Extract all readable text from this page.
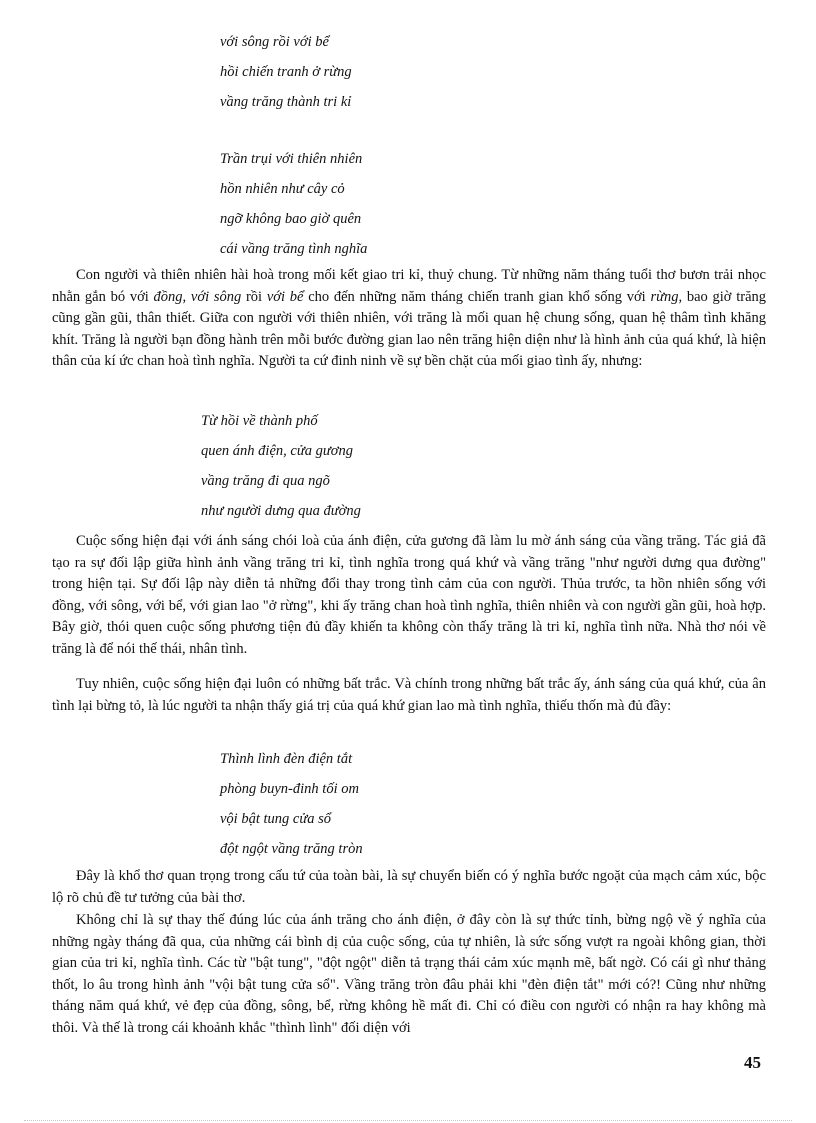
với sông rồi với bể
hồi chiến tranh ở rừng
vầng trăng thành tri kỉ
Trần trụi với thiên nhiên
hồn nhiên như cây cỏ
ngỡ không bao giờ quên
cái vầng trăng tình nghĩa

Con người và thiên nhiên hài hoà trong mối kết giao tri kỉ, thuỷ chung. Từ những năm tháng tuổi thơ bươn trải nhọc nhằn gắn bó với đồng, với sông rồi với bể cho đến những năm tháng chiến tranh gian khổ sống với rừng, bao giờ trăng cũng gần gũi, thân thiết. Giữa con người với thiên nhiên, với trăng là mối quan hệ chung sống, quan hệ thâm tình khăng khít. Trăng là người bạn đồng hành trên mỗi bước đường gian lao nên trăng hiện diện như là hình ảnh của quá khứ, là hiện thân của kí ức chan hoà tình nghĩa. Người ta cứ đinh ninh về sự bền chặt của mối giao tình ấy, nhưng:

Từ hồi về thành phố
quen ánh điện, cửa gương
vầng trăng đi qua ngõ
như người dưng qua đường

Cuộc sống hiện đại với ánh sáng chói loà của ánh điện, cửa gương đã làm lu mờ ánh sáng của vầng trăng. Tác giả đã tạo ra sự đối lập giữa hình ảnh vầng trăng tri kỉ, tình nghĩa trong quá khứ và vầng trăng "như người dưng qua đường" trong hiện tại. Sự đối lập này diễn tả những đổi thay trong tình cảm của con người. Thủa trước, ta hồn nhiên sống với đồng, với sông, với bể, với gian lao "ở rừng", khi ấy trăng chan hoà tình nghĩa, thiên nhiên và con người gần gũi, hoà hợp. Bây giờ, thói quen cuộc sống phương tiện đủ đầy khiến ta không còn thấy trăng là tri kỉ, nghĩa tình nữa. Nhà thơ nói về trăng là để nói thế thái, nhân tình.

Tuy nhiên, cuộc sống hiện đại luôn có những bất trắc. Và chính trong những bất trắc ấy, ánh sáng của quá khứ, của ân tình lại bừng tỏ, là lúc người ta nhận thấy giá trị của quá khứ gian lao mà tình nghĩa, thiếu thốn mà đủ đầy:

Thình lình đèn điện tắt
phòng buyn-đinh tối om
vội bật tung cửa sổ
đột ngột vầng trăng tròn

Đây là khổ thơ quan trọng trong cấu tứ của toàn bài, là sự chuyển biến có ý nghĩa bước ngoặt của mạch cảm xúc, bộc lộ rõ chủ đề tư tưởng của bài thơ.

Không chỉ là sự thay thế đúng lúc của ánh trăng cho ánh điện, ở đây còn là sự thức tỉnh, bừng ngộ về ý nghĩa của những ngày tháng đã qua, của những cái bình dị của cuộc sống, của tự nhiên, là sức sống vượt ra ngoài không gian, thời gian của tri kỉ, nghĩa tình. Các từ "bật tung", "đột ngột" diễn tả trạng thái cảm xúc mạnh mẽ, bất ngờ. Có cái gì như thảng thốt, lo âu trong hình ảnh "vội bật tung cửa sổ". Vầng trăng tròn đâu phải khi "đèn điện tắt" mới có?! Cũng như những tháng năm quá khứ, vẻ đẹp của đồng, sông, bể, rừng không hề mất đi. Chỉ có điều con người có nhận ra hay không mà thôi. Và thế là trong cái khoảnh khắc "thình lình" đối diện với

45
